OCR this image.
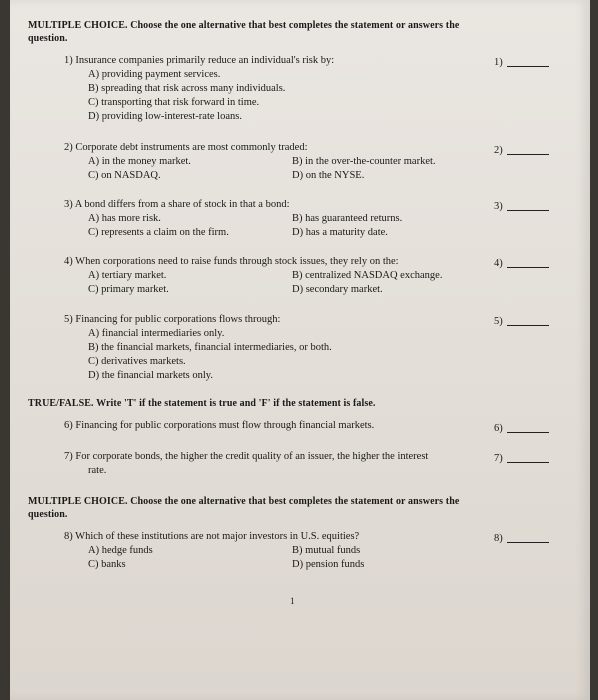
MULTIPLE CHOICE. Choose the one alternative that best completes the statement or answers the
question.
1) Insurance companies primarily reduce an individual's risk by:
A) providing payment services.
B) spreading that risk across many individuals.
C) transporting that risk forward in time.
D) providing low-interest-rate loans.
1)
2) Corporate debt instruments are most commonly traded:
A) in the money market.	B) in the over-the-counter market.
C) on NASDAQ.	D) on the NYSE.
2)
3) A bond differs from a share of stock in that a bond:
A) has more risk.	B) has guaranteed returns.
C) represents a claim on the firm.	D) has a maturity date.
3)
4) When corporations need to raise funds through stock issues, they rely on the:
A) tertiary market.	B) centralized NASDAQ exchange.
C) primary market.	D) secondary market.
4)
5) Financing for public corporations flows through:
A) financial intermediaries only.
B) the financial markets, financial intermediaries, or both.
C) derivatives markets.
D) the financial markets only.
5)
TRUE/FALSE. Write 'T' if the statement is true and 'F' if the statement is false.
6) Financing for public corporations must flow through financial markets.	6)
7) For corporate bonds, the higher the credit quality of an issuer, the higher the interest
rate.
7)
MULTIPLE CHOICE. Choose the one alternative that best completes the statement or answers the
question.
8) Which of these institutions are not major investors in U.S. equities?
A) hedge funds	B) mutual funds
C) banks	D) pension funds
8)
1
